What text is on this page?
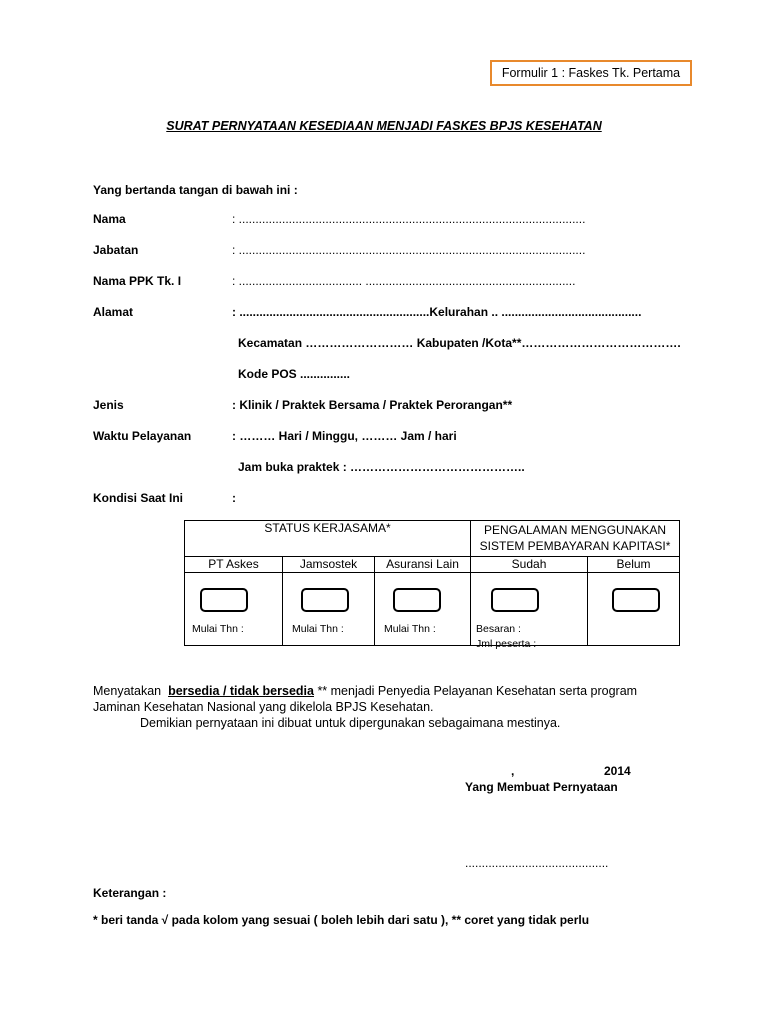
Formulir 1 : Faskes Tk. Pertama
SURAT PERNYATAAN KESEDIAAN MENJADI FASKES BPJS KESEHATAN
Yang bertanda tangan di bawah ini :
Nama	: ........................................................................................................
Jabatan	: ........................................................................................................
Nama PPK Tk. I	: ..................................... ...............................................................
Alamat	: .........................................................Kelurahan .. ..........................................
Kecamatan ……………………… Kabupaten /Kota**………………………………….
Kode POS ...............
Jenis	: Klinik / Praktek Bersama / Praktek Perorangan**
Waktu Pelayanan	: ……… Hari / Minggu, ……… Jam / hari
Jam buka praktek : ……………………………………..
Kondisi Saat Ini	:
STATUS KERJASAMA*			PENGALAMAN MENGGUNAKAN
SISTEM PEMBAYARAN KAPITASI*	

PT Askes	Jamsostek	Asuransi Lain	Sudah	Belum

Mulai Thn :	Mulai Thn :	Mulai Thn :	Besaran :
Jml peserta :	

Menyatakan bersedia / tidak bersedia ** menjadi Penyedia Pelayanan Kesehatan serta program
Jaminan Kesehatan Nasional yang dikelola BPJS Kesehatan.
Demikian pernyataan ini dibuat untuk dipergunakan sebagaimana mestinya.
,	2014
Yang Membuat Pernyataan
...........................................
Keterangan :
* beri tanda √ pada kolom yang sesuai ( boleh lebih dari satu ), ** coret yang tidak perlu
